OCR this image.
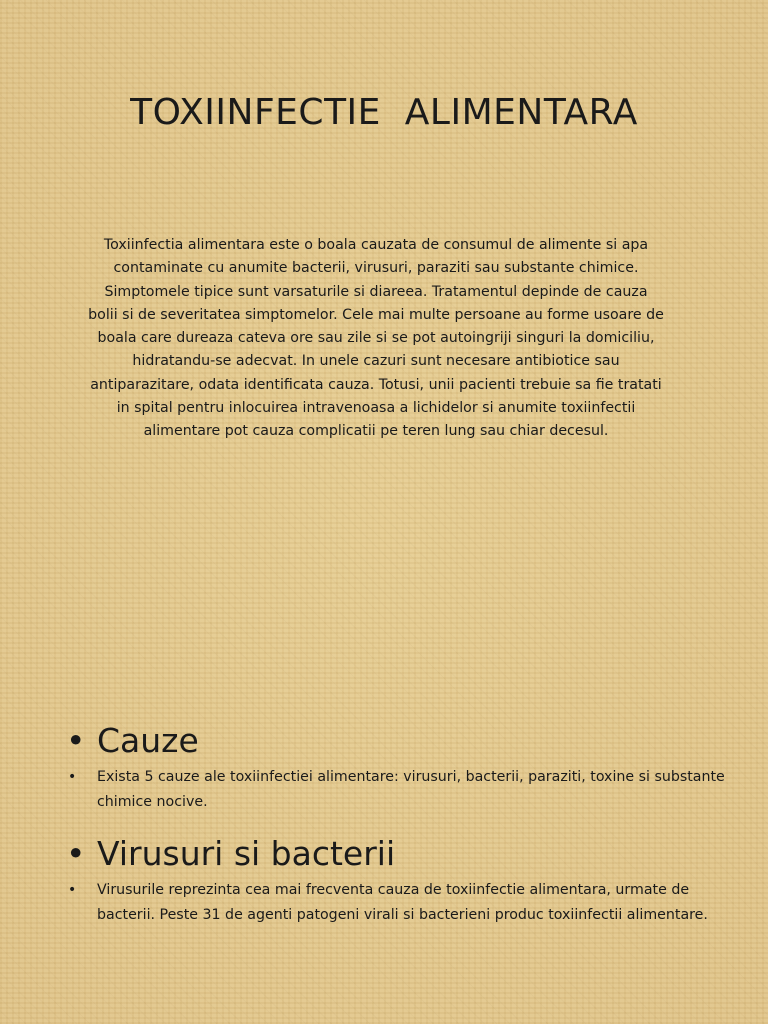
TOXIINFECTIE  ALIMENTARA

Toxiinfectia alimentara este o boala cauzata de consumul de alimente si apa contaminate cu anumite bacterii, virusuri, paraziti sau substante chimice. Simptomele tipice sunt varsaturile si diareea. Tratamentul depinde de cauza bolii si de severitatea simptomelor. Cele mai multe persoane au forme usoare de boala care dureaza cateva ore sau zile si se pot autoingriji singuri la domiciliu, hidratandu-se adecvat. In unele cazuri sunt necesare antibiotice sau antiparazitare, odata identificata cauza. Totusi, unii pacienti trebuie sa fie tratati in spital pentru inlocuirea intravenoasa a lichidelor si anumite toxiinfectii alimentare pot cauza complicatii pe teren lung sau chiar decesul.

• Cauze
• Exista 5 cauze ale toxiinfectiei alimentare: virusuri, bacterii, paraziti, toxine si substante chimice nocive.
• Virusuri si bacterii
• Virusurile reprezinta cea mai frecventa cauza de toxiinfectie alimentara, urmate de bacterii. Peste 31 de agenti patogeni virali si bacterieni produc toxiinfectii alimentare.
